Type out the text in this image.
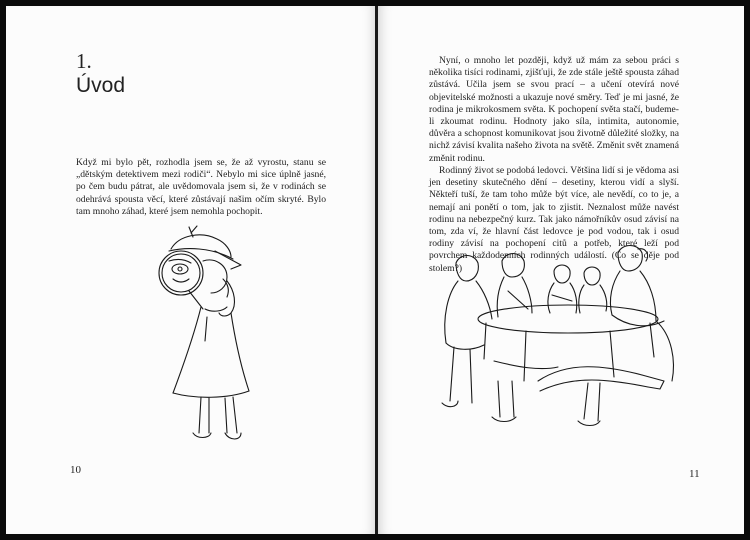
1.
Úvod

Když mi bylo pět, rozhodla jsem se, že až vyrostu, stanu se „dětským detektivem mezi rodiči“. Nebylo mi sice úplně jasné, po čem budu pátrat, ale uvědomovala jsem si, že v rodinách se odehrává spousta věcí, které zůstávají našim očím skryté. Bylo tam mnoho záhad, které jsem nemohla pochopit.

10

Nyní, o mnoho let později, když už mám za sebou práci s několika tisíci rodinami, zjišťuji, že zde stále ještě spousta záhad zůstává. Učila jsem se svou prací – a učení otevírá nové objevitelské možnosti a ukazuje nové směry. Teď je mi jasné, že rodina je mikrokosmem světa. K pochopení světa stačí, budeme-li zkoumat rodinu. Hodnoty jako síla, intimita, autonomie, důvěra a schopnost komunikovat jsou životně důležité složky, na nichž závisí kvalita našeho života na světě. Změnit svět znamená změnit rodinu.

Rodinný život se podobá ledovci. Většina lidí si je vědoma asi jen desetiny skutečného dění – desetiny, kterou vidí a slyší. Někteří tuší, že tam toho může být více, ale nevědí, co to je, a nemají ani ponětí o tom, jak to zjistit. Neznalost může navést rodinu na nebezpečný kurz. Tak jako námořníkův osud závisí na tom, zda ví, že hlavní část ledovce je pod vodou, tak i osud rodiny závisí na pochopení citů a potřeb, které leží pod povrchem každodenních rodinných událostí. (Co se děje pod stolem?)

11
